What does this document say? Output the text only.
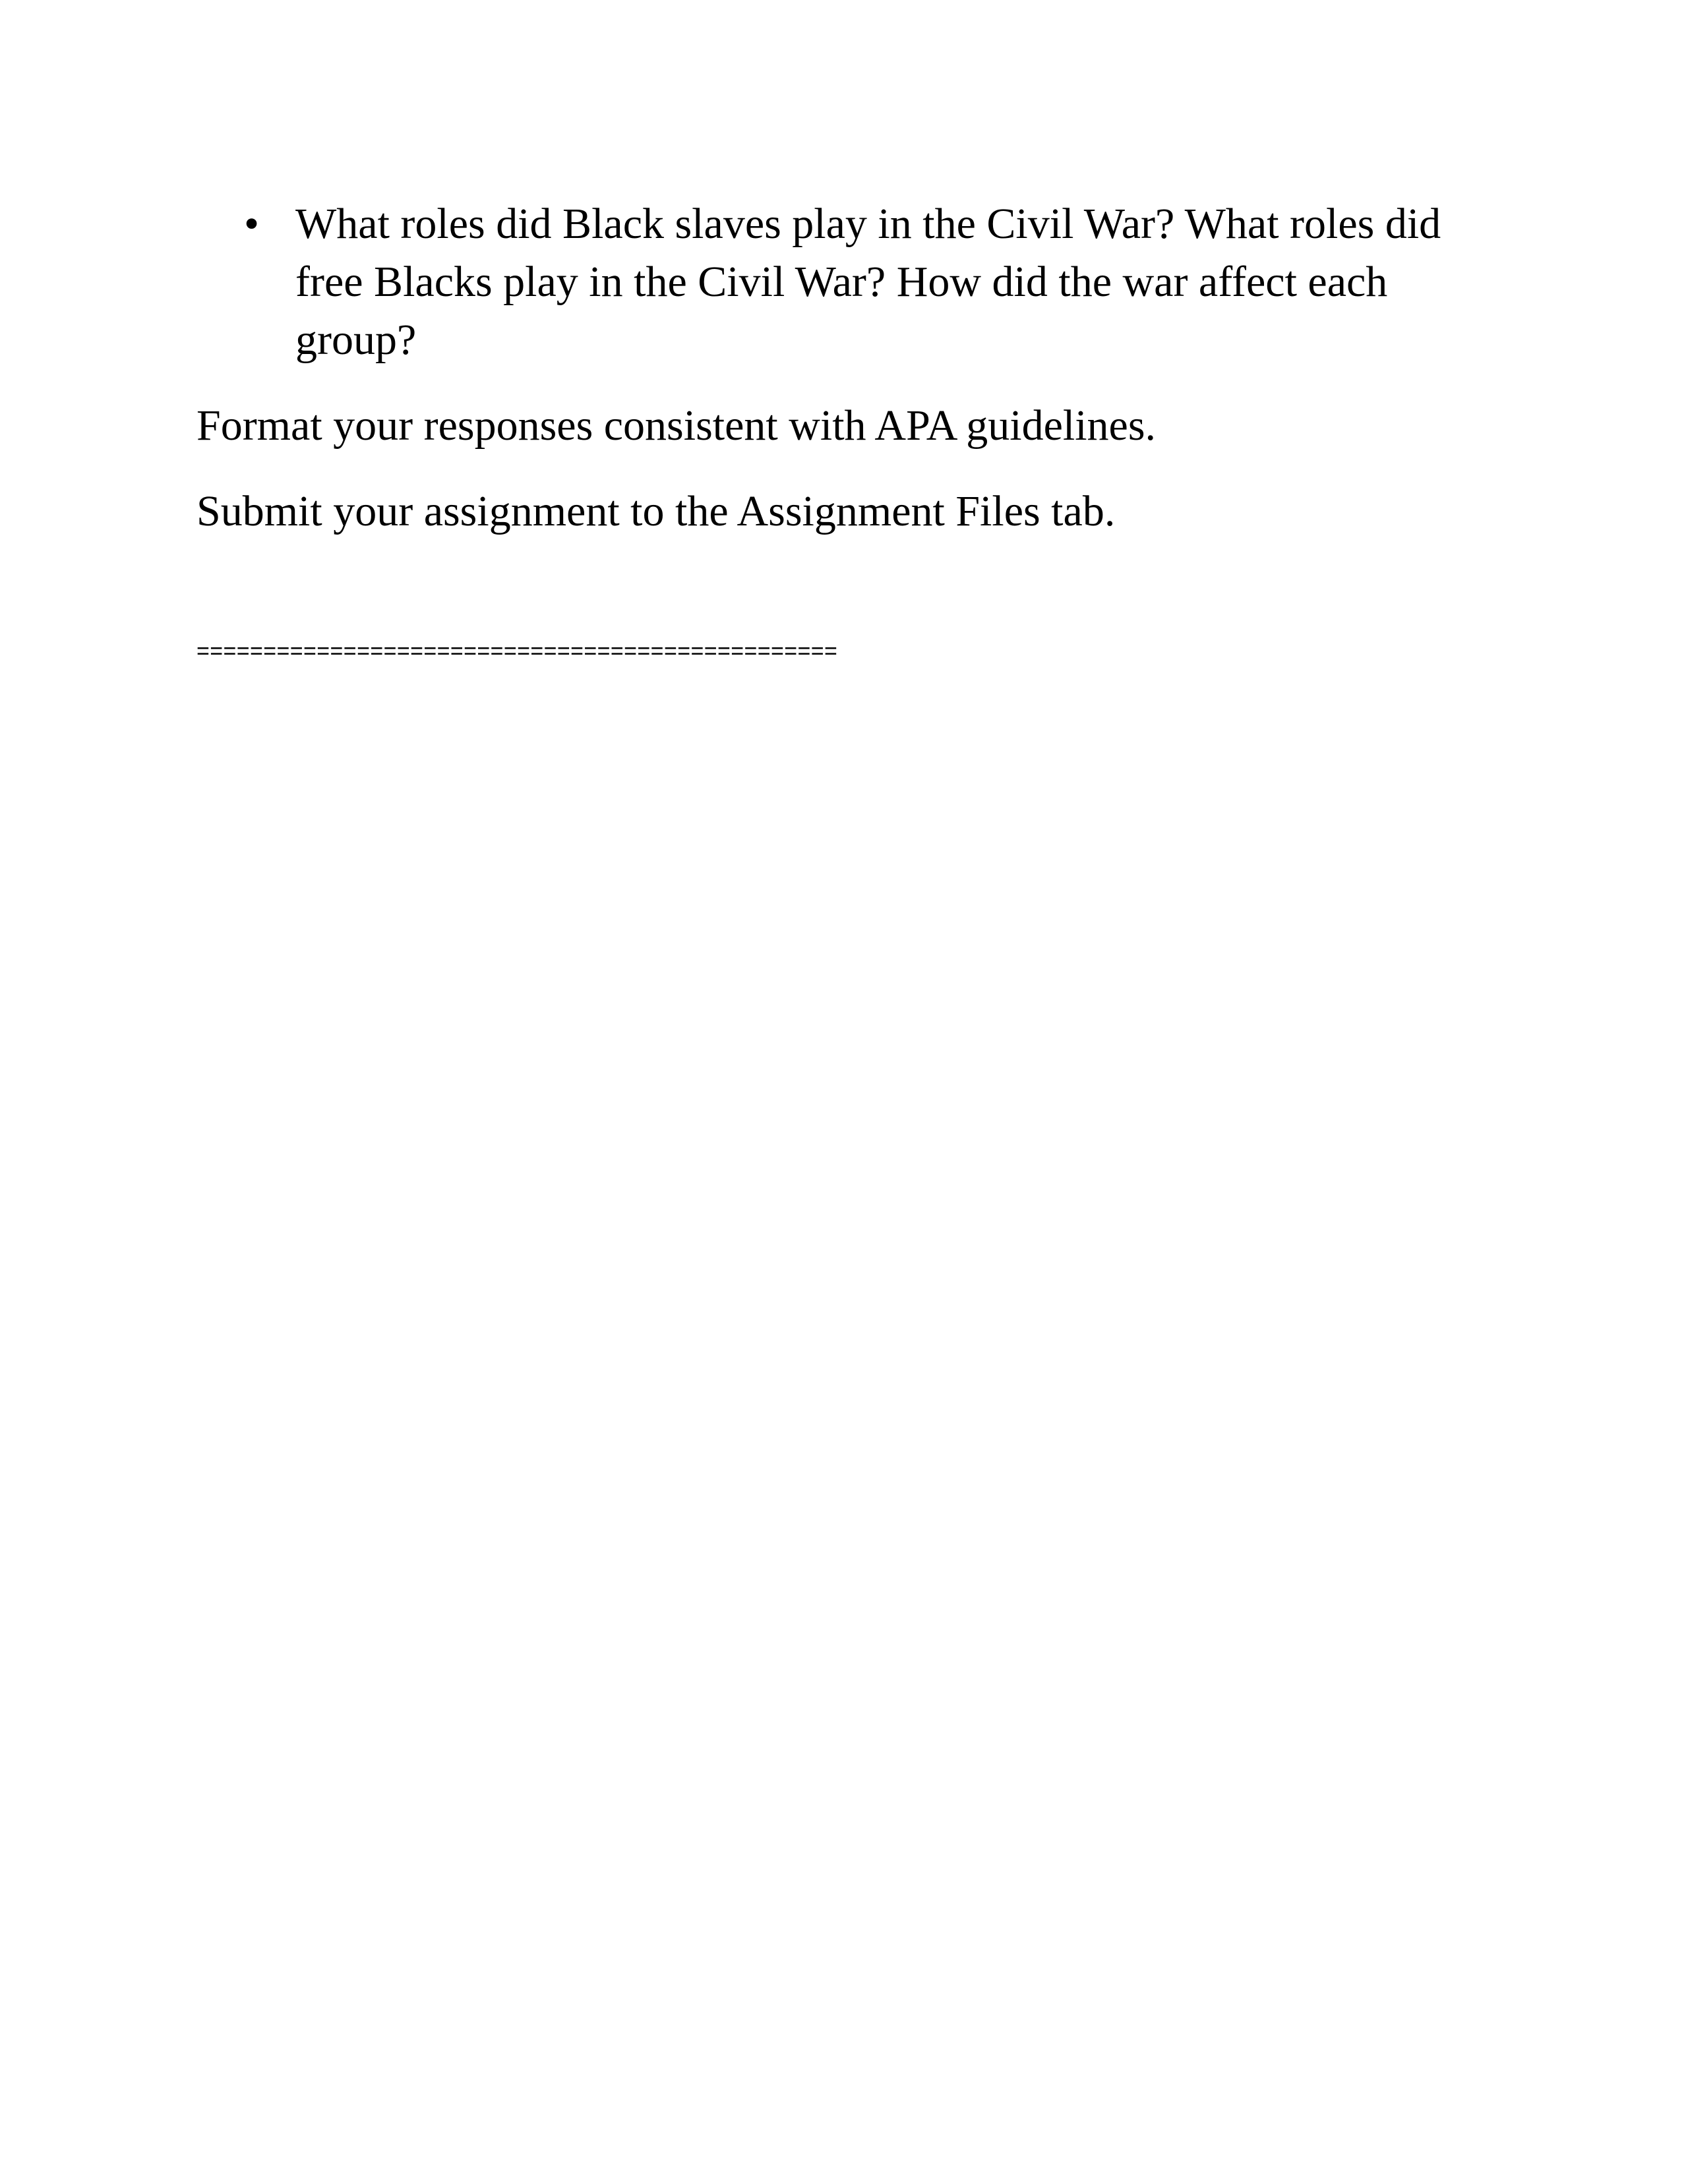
• What roles did Black slaves play in the Civil War? What roles did free Blacks play in the Civil War? How did the war affect each group?

Format your responses consistent with APA guidelines.

Submit your assignment to the Assignment Files tab.

================================================
